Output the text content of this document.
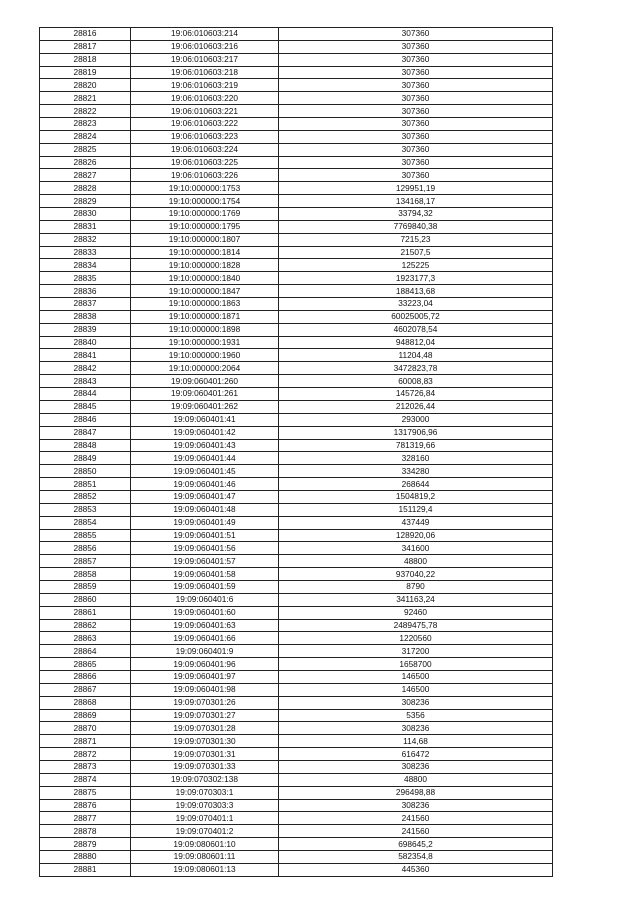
28816	19:06:010603:214	307360
28817	19:06:010603:216	307360
28818	19:06:010603:217	307360
28819	19:06:010603:218	307360
28820	19:06:010603:219	307360
28821	19:06:010603:220	307360
28822	19:06:010603:221	307360
28823	19:06:010603:222	307360
28824	19:06:010603:223	307360
28825	19:06:010603:224	307360
28826	19:06:010603:225	307360
28827	19:06:010603:226	307360
28828	19:10:000000:1753	129951,19
28829	19:10:000000:1754	134168,17
28830	19:10:000000:1769	33794,32
28831	19:10:000000:1795	7769840,38
28832	19:10:000000:1807	7215,23
28833	19:10:000000:1814	21507,5
28834	19:10:000000:1828	125225
28835	19:10:000000:1840	1923177,3
28836	19:10:000000:1847	188413,68
28837	19:10:000000:1863	33223,04
28838	19:10:000000:1871	60025005,72
28839	19:10:000000:1898	4602078,54
28840	19:10:000000:1931	948812,04
28841	19:10:000000:1960	11204,48
28842	19:10:000000:2064	3472823,78
28843	19:09:060401:260	60008,83
28844	19:09:060401:261	145726,84
28845	19:09:060401:262	212026,44
28846	19:09:060401:41	293000
28847	19:09:060401:42	1317906,96
28848	19:09:060401:43	781319,66
28849	19:09:060401:44	328160
28850	19:09:060401:45	334280
28851	19:09:060401:46	268644
28852	19:09:060401:47	1504819,2
28853	19:09:060401:48	151129,4
28854	19:09:060401:49	437449
28855	19:09:060401:51	128920,06
28856	19:09:060401:56	341600
28857	19:09:060401:57	48800
28858	19:09:060401:58	937040,22
28859	19:09:060401:59	8790
28860	19:09:060401:6	341163,24
28861	19:09:060401:60	92460
28862	19:09:060401:63	2489475,78
28863	19:09:060401:66	1220560
28864	19:09:060401:9	317200
28865	19:09:060401:96	1658700
28866	19:09:060401:97	146500
28867	19:09:060401:98	146500
28868	19:09:070301:26	308236
28869	19:09:070301:27	5356
28870	19:09:070301:28	308236
28871	19:09:070301:30	114,68
28872	19:09:070301:31	616472
28873	19:09:070301:33	308236
28874	19:09:070302:138	48800
28875	19:09:070303:1	296498,88
28876	19:09:070303:3	308236
28877	19:09:070401:1	241560
28878	19:09:070401:2	241560
28879	19:09:080601:10	698645,2
28880	19:09:080601:11	582354,8
28881	19:09:080601:13	445360
